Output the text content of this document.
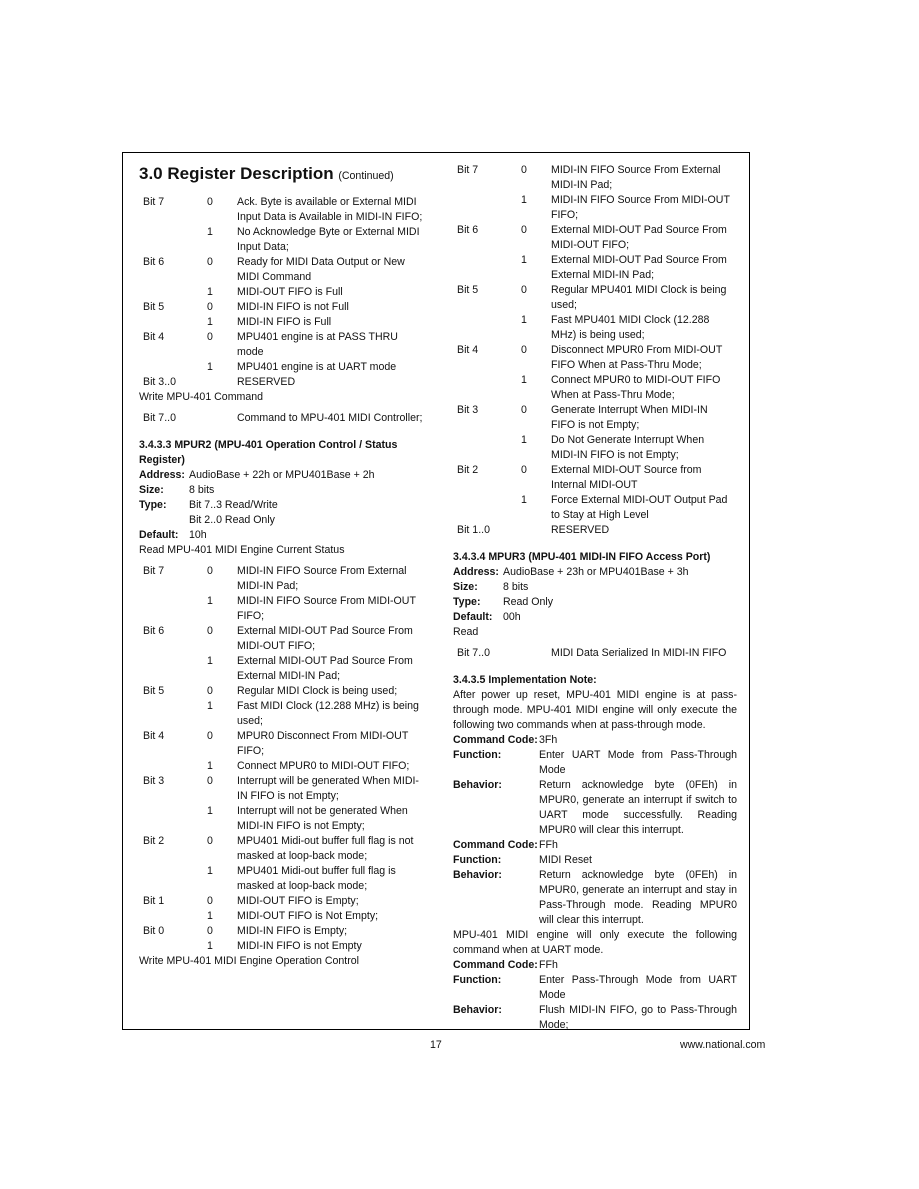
3.0 Register Description (Continued)
Bit 7	0	Ack. Byte is available or External MIDI Input Data is Available in MIDI-IN FIFO;
1	No Acknowledge Byte or External MIDI Input Data;
Bit 6	0	Ready for MIDI Data Output or New MIDI Command
1	MIDI-OUT FIFO is Full
Bit 5	0	MIDI-IN FIFO is not Full
1	MIDI-IN FIFO is Full
Bit 4	0	MPU401 engine is at PASS THRU mode
1	MPU401 engine is at UART mode
Bit 3..0	RESERVED

Write MPU-401 Command

Bit 7..0	Command to MPU-401 MIDI Controller;

3.4.3.3 MPUR2 (MPU-401 Operation Control / Status Register)

Address: AudioBase + 22h or MPU401Base + 2h
Size:	8 bits
Type:	Bit 7..3 Read/Write
Bit 2..0 Read Only
Default: 10h

Read MPU-401 MIDI Engine Current Status

Bit 7	0	MIDI-IN FIFO Source From External MIDI-IN Pad;
1	MIDI-IN FIFO Source From MIDI-OUT FIFO;
Bit 6	0	External MIDI-OUT Pad Source From MIDI-OUT FIFO;
1	External MIDI-OUT Pad Source From External MIDI-IN Pad;
Bit 5	0	Regular MIDI Clock is being used;
1	Fast MIDI Clock (12.288 MHz) is being used;
Bit 4	0	MPUR0 Disconnect From MIDI-OUT FIFO;
1	Connect MPUR0 to MIDI-OUT FIFO;
Bit 3	0	Interrupt will be generated When MIDI-IN FIFO is not Empty;
1	Interrupt will not be generated When MIDI-IN FIFO is not Empty;
Bit 2	0	MPU401 Midi-out buffer full flag is not masked at loop-back mode;
1	MPU401 Midi-out buffer full flag is masked at loop-back mode;
Bit 1	0	MIDI-OUT FIFO is Empty;
1	MIDI-OUT FIFO is Not Empty;
Bit 0	0	MIDI-IN FIFO is Empty;
1	MIDI-IN FIFO is not Empty

Write MPU-401 MIDI Engine Operation Control

Bit 7	0	MIDI-IN FIFO Source From External MIDI-IN Pad;
1	MIDI-IN FIFO Source From MIDI-OUT FIFO;
Bit 6	0	External MIDI-OUT Pad Source From MIDI-OUT FIFO;
1	External MIDI-OUT Pad Source From External MIDI-IN Pad;
Bit 5	0	Regular MPU401 MIDI Clock is being used;
1	Fast MPU401 MIDI Clock (12.288 MHz) is being used;
Bit 4	0	Disconnect MPUR0 From MIDI-OUT FIFO When at Pass-Thru Mode;
1	Connect MPUR0 to MIDI-OUT FIFO When at Pass-Thru Mode;
Bit 3	0	Generate Interrupt When MIDI-IN FIFO is not Empty;
1	Do Not Generate Interrupt When MIDI-IN FIFO is not Empty;
Bit 2	0	External MIDI-OUT Source from Internal MIDI-OUT
1	Force External MIDI-OUT Output Pad to Stay at High Level
Bit 1..0	RESERVED

3.4.3.4 MPUR3 (MPU-401 MIDI-IN FIFO Access Port)

Address: AudioBase + 23h or MPU401Base + 3h
Size:	8 bits
Type:	Read Only
Default: 00h

Read

Bit 7..0	MIDI Data Serialized In MIDI-IN FIFO

3.4.3.5 Implementation Note:

After power up reset, MPU-401 MIDI engine is at pass-through mode. MPU-401 MIDI engine will only execute the following two commands when at pass-through mode.

Command Code: 3Fh
Function:	Enter UART Mode from Pass-Through Mode
Behavior:	Return acknowledge byte (0FEh) in MPUR0, generate an interrupt if switch to UART mode successfully. Reading MPUR0 will clear this interrupt.
Command Code: FFh
Function:	MIDI Reset
Behavior:	Return acknowledge byte (0FEh) in MPUR0, generate an interrupt and stay in Pass-Through mode. Reading MPUR0 will clear this interrupt.

MPU-401 MIDI engine will only execute the following command when at UART mode.

Command Code: FFh
Function:	Enter Pass-Through Mode from UART Mode
Behavior:	Flush MIDI-IN FIFO, go to Pass-Through Mode;
17	www.national.com
